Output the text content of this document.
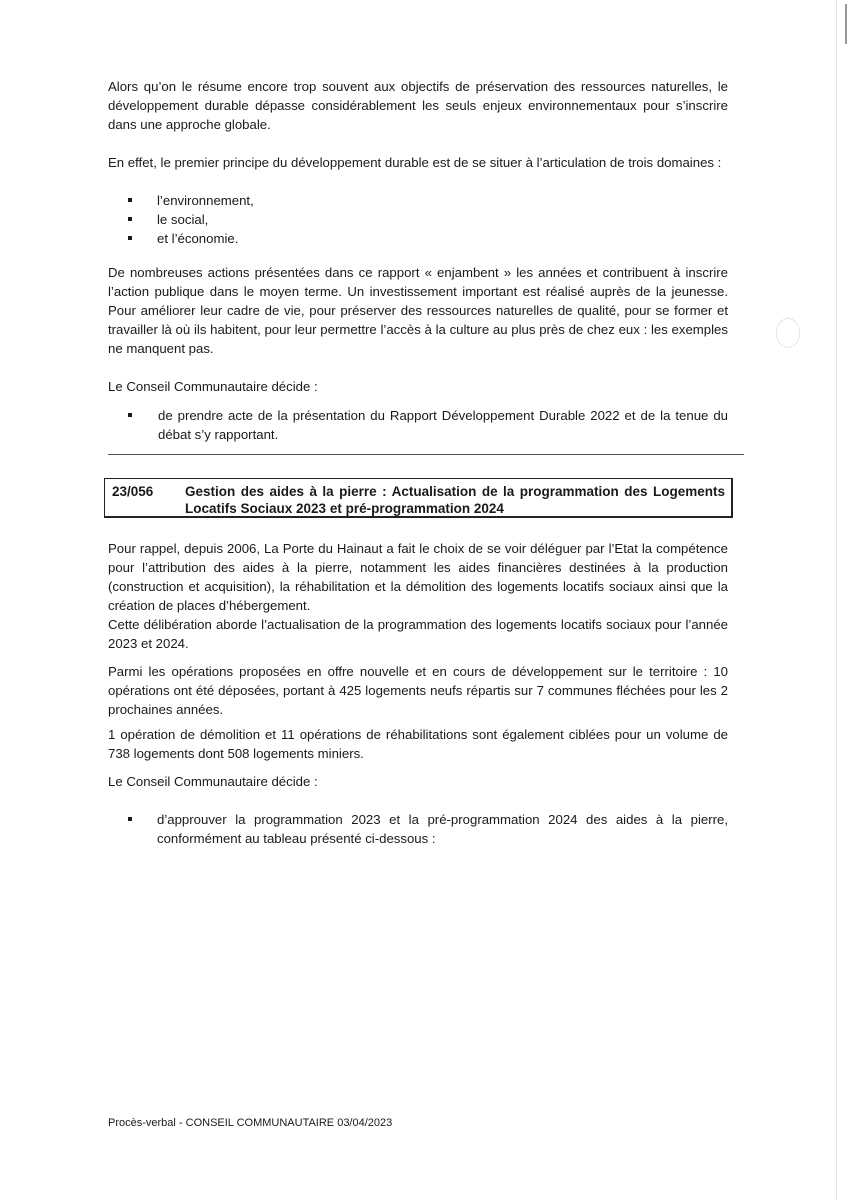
Alors qu’on le résume encore trop souvent aux objectifs de préservation des ressources naturelles, le développement durable dépasse considérablement les seuls enjeux environnementaux pour s’inscrire dans une approche globale.

En effet, le premier principe du développement durable est de se situer à l’articulation de trois domaines :

l’environnement,
le social,
et l’économie.

De nombreuses actions présentées dans ce rapport « enjambent » les années et contribuent à inscrire l’action publique dans le moyen terme. Un investissement important est réalisé auprès de la jeunesse. Pour améliorer leur cadre de vie, pour préserver des ressources naturelles de qualité, pour se former et travailler là où ils habitent, pour leur permettre l’accès à la culture au plus près de chez eux : les exemples ne manquent pas.

Le Conseil Communautaire décide :

de prendre acte de la présentation du Rapport Développement Durable 2022 et de la tenue du débat s’y rapportant.
23/056 Gestion des aides à la pierre : Actualisation de la programmation des Logements Locatifs Sociaux 2023 et pré-programmation 2024

Pour rappel, depuis 2006, La Porte du Hainaut a fait le choix de se voir déléguer par l’Etat la compétence pour l’attribution des aides à la pierre, notamment les aides financières destinées à la production (construction et acquisition), la réhabilitation et la démolition des logements locatifs sociaux ainsi que la création de places d’hébergement.

Cette délibération aborde l’actualisation de la programmation des logements locatifs sociaux pour l’année 2023 et 2024.

Parmi les opérations proposées en offre nouvelle et en cours de développement sur le territoire : 10 opérations ont été déposées, portant à 425 logements neufs répartis sur 7 communes fléchées pour les 2 prochaines années.

1 opération de démolition et 11 opérations de réhabilitations sont également ciblées pour un volume de 738 logements dont 508 logements miniers.

Le Conseil Communautaire décide :

d’approuver la programmation 2023 et la pré-programmation 2024 des aides à la pierre, conformément au tableau présenté ci-dessous :
Procès-verbal - CONSEIL COMMUNAUTAIRE 03/04/2023
